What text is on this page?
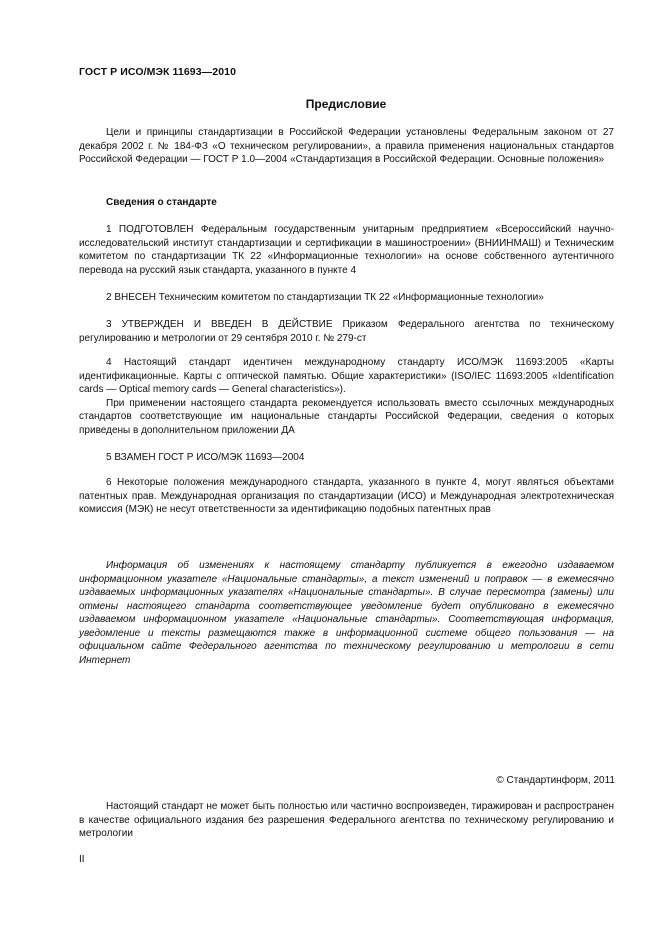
ГОСТ Р ИСО/МЭК 11693—2010
Предисловие

Цели и принципы стандартизации в Российской Федерации установлены Федеральным законом от 27 декабря 2002 г. № 184-ФЗ «О техническом регулировании», а правила применения национальных стандартов Российской Федерации — ГОСТ Р 1.0—2004 «Стандартизация в Российской Федерации. Основные положения»

Сведения о стандарте

1 ПОДГОТОВЛЕН Федеральным государственным унитарным предприятием «Всероссийский научно-исследовательский институт стандартизации и сертификации в машиностроении» (ВНИИНМАШ) и Техническим комитетом по стандартизации ТК 22 «Информационные технологии» на основе собственного аутентичного перевода на русский язык стандарта, указанного в пункте 4

2 ВНЕСЕН Техническим комитетом по стандартизации ТК 22 «Информационные технологии»

3 УТВЕРЖДЕН И ВВЕДЕН В ДЕЙСТВИЕ Приказом Федерального агентства по техническому регулированию и метрологии от 29 сентября 2010 г. № 279-ст

4 Настоящий стандарт идентичен международному стандарту ИСО/МЭК 11693:2005 «Карты идентификационные. Карты с оптической памятью. Общие характеристики» (ISO/IEC 11693:2005 «Identification cards — Optical memory cards — General characteristics»).

При применении настоящего стандарта рекомендуется использовать вместо ссылочных международных стандартов соответствующие им национальные стандарты Российской Федерации, сведения о которых приведены в дополнительном приложении ДА

5 ВЗАМЕН ГОСТ Р ИСО/МЭК 11693—2004

6 Некоторые положения международного стандарта, указанного в пункте 4, могут являться объектами патентных прав. Международная организация по стандартизации (ИСО) и Международная электротехническая комиссия (МЭК) не несут ответственности за идентификацию подобных патентных прав

Информация об изменениях к настоящему стандарту публикуется в ежегодно издаваемом информационном указателе «Национальные стандарты», а текст изменений и поправок — в ежемесячно издаваемых информационных указателях «Национальные стандарты». В случае пересмотра (замены) или отмены настоящего стандарта соответствующее уведомление будет опубликовано в ежемесячно издаваемом информационном указателе «Национальные стандарты». Соответствующая информация, уведомление и тексты размещаются также в информационной системе общего пользования — на официальном сайте Федерального агентства по техническому регулированию и метрологии в сети Интернет

© Стандартинформ, 2011

Настоящий стандарт не может быть полностью или частично воспроизведен, тиражирован и распространен в качестве официального издания без разрешения Федерального агентства по техническому регулированию и метрологии

II
